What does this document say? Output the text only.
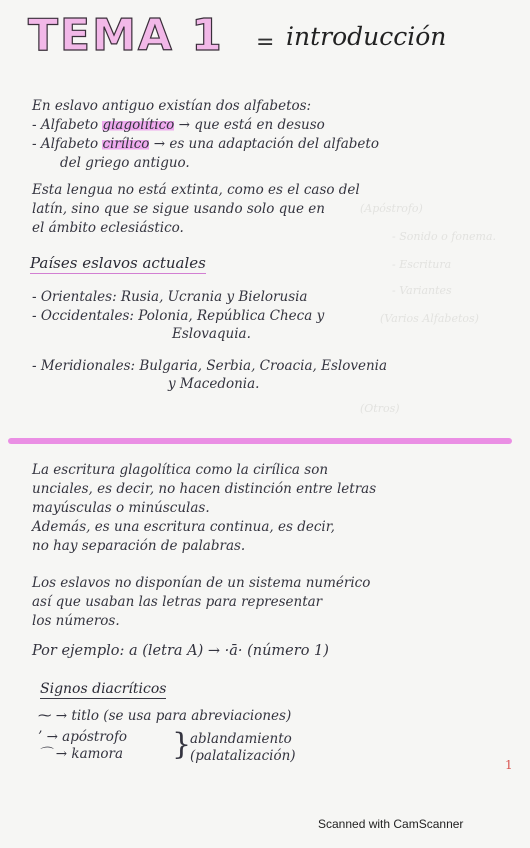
(Apóstrofo)
- Sonido o fonema.
- Escritura
- Variantes
(Varios Alfabetos)
(Otros)
TEMA 1 = introducción
En eslavo antiguo existían dos alfabetos:
- Alfabeto glagolítico → que está en desuso
- Alfabeto cirílico → es una adaptación del alfabeto
del griego antiguo.
Esta lengua no está extinta, como es el caso del
latín, sino que se sigue usando solo que en
el ámbito eclesiástico.
Países eslavos actuales
- Orientales: Rusia, Ucrania y Bielorusia
- Occidentales: Polonia, República Checa y
Eslovaquia.
- Meridionales: Bulgaria, Serbia, Croacia, Eslovenia
y Macedonia.
La escritura glagolítica como la cirílica son
unciales, es decir, no hacen distinción entre letras
mayúsculas o minúsculas.
Además, es una escritura continua, es decir,
no hay separación de palabras.
Los eslavos no disponían de un sistema numérico
así que usaban las letras para representar
los números.
Por ejemplo: a (letra A) → ·ā· (número 1)
Signos diacríticos
⁓ → titlo (se usa para abreviaciones)
’ → apóstrofo
⌒ → kamora }
ablandamiento
(palatalización)
1
Scanned with CamScanner
